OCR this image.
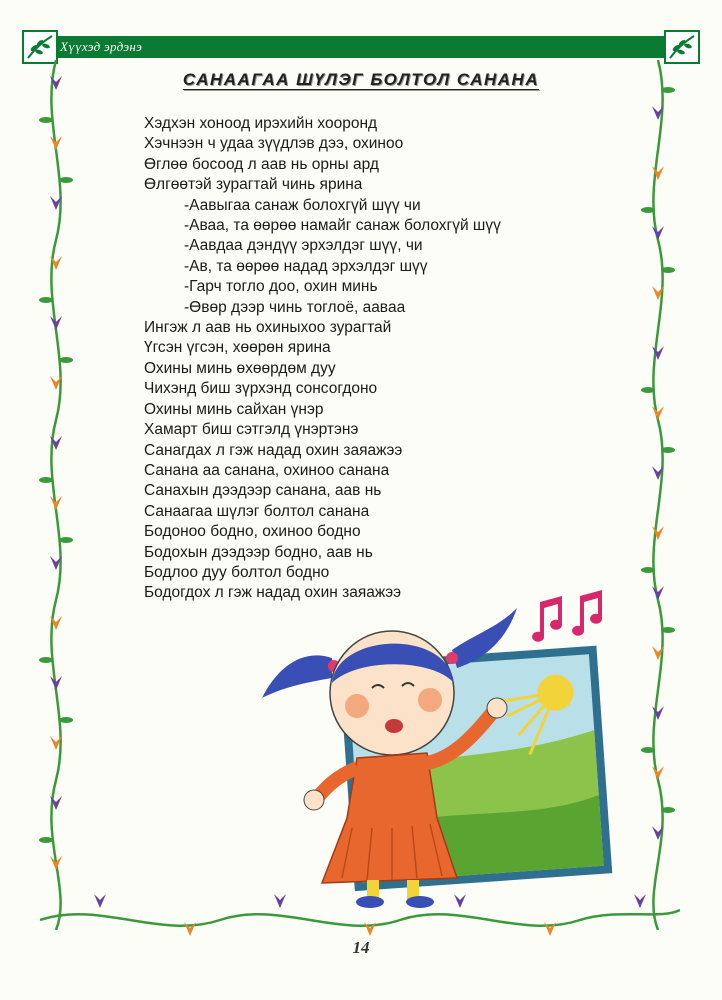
Хүүхэд эрдэнэ
САНААГАА ШҮЛЭГ БОЛТОЛ САНАНА
Хэдхэн хоноод ирэхийн хооронд
Хэчнээн ч удаа зүүдлэв дээ, охиноо
Өглөө босоод л аав нь орны ард
Өлгөөтэй зурагтай чинь ярина
-Аавыгаа санаж болохгүй шүү чи
-Аваа, та өөрөө намайг санаж болохгүй шүү
-Аавдаа дэндүү эрхэлдэг шүү, чи
-Ав, та өөрөө надад эрхэлдэг шүү
-Гарч тогло доо, охин минь
-Өвөр дээр чинь тоглоё, аавaa
Ингэж л аав нь охиныхоо зурагтай
Үгсэн үгсэн, хөөрөн ярина
Охины минь өхөөрдөм дуу
Чихэнд биш зүрхэнд сонсогдоно
Охины минь сайхан үнэр
Хамарт биш сэтгэлд үнэртэнэ
Санагдах л гэж надад охин заяажээ
Санана аа санана, охиноо санана
Санахын дээдээр санана, аав нь
Санаагаа шүлэг болтол санана
Бодоноо бодно, охиноо бодно
Бодохын дээдээр бодно, аав нь
Бодлоо дуу болтол бодно
Бодогдох л гэж надад охин заяажээ
14
